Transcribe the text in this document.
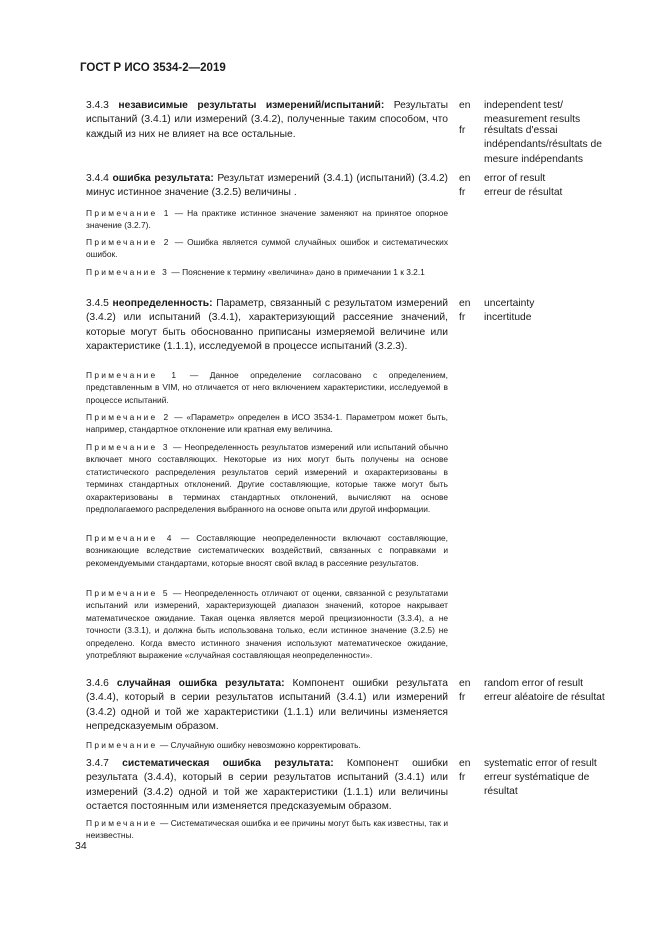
ГОСТ Р ИСО 3534-2—2019
3.4.3 независимые результаты измерений/испытаний: Результаты испытаний (3.4.1) или измерений (3.4.2), полученные таким способом, что каждый из них не влияет на все остальные.
en
fr
independent test/ measurement results
résultats d'essai indépendants/résultats de mesure indépendants
3.4.4 ошибка результата: Результат измерений (3.4.1) (испытаний) (3.4.2) минус истинное значение (3.2.5) величины .
en
fr
error of result
erreur de résultat
Примечание 1 — На практике истинное значение заменяют на принятое опорное значение (3.2.7).
Примечание 2 — Ошибка является суммой случайных ошибок и систематических ошибок.
Примечание 3 — Пояснение к термину «величина» дано в примечании 1 к 3.2.1
3.4.5 неопределенность: Параметр, связанный с результатом измерений (3.4.2) или испытаний (3.4.1), характеризующий рассеяние значений, которые могут быть обоснованно приписаны измеряемой величине или характеристике (1.1.1), исследуемой в процессе испытаний (3.2.3).
en
fr
uncertainty
incertitude
Примечание 1 — Данное определение согласовано с определением, представленным в VIM, но отличается от него включением характеристики, исследуемой в процессе испытаний.
Примечание 2 — «Параметр» определен в ИСО 3534-1. Параметром может быть, например, стандартное отклонение или кратная ему величина.
Примечание 3 — Неопределенность результатов измерений или испытаний обычно включает много составляющих. Некоторые из них могут быть получены на основе статистического распределения результатов серий измерений и охарактеризованы в терминах стандартных отклонений. Другие составляющие, которые также могут быть охарактеризованы в терминах стандартных отклонений, вычисляют на основе предполагаемого распределения выбранного на основе опыта или другой информации.
Примечание 4 — Составляющие неопределенности включают составляющие, возникающие вследствие систематических воздействий, связанных с поправками и рекомендуемыми стандартами, которые вносят свой вклад в рассеяние результатов.
Примечание 5 — Неопределенность отличают от оценки, связанной с результатами испытаний или измерений, характеризующей диапазон значений, которое накрывает математическое ожидание. Такая оценка является мерой прецизионности (3.3.4), а не точности (3.3.1), и должна быть использована только, если истинное значение (3.2.5) не определено. Когда вместо истинного значения используют математическое ожидание, употребляют выражение «случайная составляющая неопределенности».
3.4.6 случайная ошибка результата: Компонент ошибки результата (3.4.4), который в серии результатов испытаний (3.4.1) или измерений (3.4.2) одной и той же характеристики (1.1.1) или величины изменяется непредсказуемым образом.
en
fr
random error of result
erreur aléatoire de résultat
Примечание — Случайную ошибку невозможно корректировать.
3.4.7 систематическая ошибка результата: Компонент ошибки результата (3.4.4), который в серии результатов испытаний (3.4.1) или измерений (3.4.2) одной и той же характеристики (1.1.1) или величины остается постоянным или изменяется предсказуемым образом.
en
fr
systematic error of result
erreur systématique de résultat
Примечание — Систематическая ошибка и ее причины могут быть как известны, так и неизвестны.
34
